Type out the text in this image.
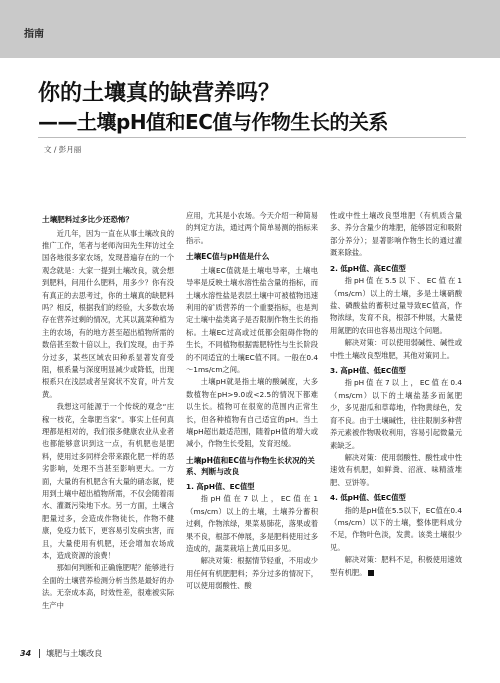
指南
你的土壤真的缺营养吗？
——土壤pH值和EC值与作物生长的关系
文 / 彭月丽
土壤肥料过多比少还恐怖？

近几年，因为一直在从事土壤改良的推广工作，笔者与老师沟田先生拜访过全国各地很多家农场，发现普遍存在的一个观念就是：大家一提到土壤改良，就会想到肥料，问用什么肥料，用多少？你有没有真正的去思考过，你的土壤真的缺肥料吗？相反，根据我们的经验，大多数农场存在营养过剩的情况，尤其以蔬菜种植为主的农场，有的地方甚至超出植物所需的数倍甚至数十倍以上，我们发现，由于养分过多，某些区域农田种系显著发育受阻，根系量与深度明显减少或降低，出现根系只在浅层或者呈窝状不发育，叶片发黄。

我想这可能源于一个传统的观念“庄稼一枝花，全靠肥当家”。事实上任何真理都是相对的，我们很多健康农业从业者也都能够意识到这一点，有机肥也是肥料，使用过多同样会带来跟化肥一样的恶劣影响，处理不当甚至影响更大。一方面，大量的有机肥含有大量的硝态氮，使用到土壤中超出植物所需，不仅会随着雨水、灌溉污染地下水。另一方面，土壤含肥量过多，会造成作物徒长，作物不健康，免疫力低下，更容易引发病虫害，而且，大量使用有机肥，还会增加农场成本，造成资源的浪费！

那如何判断和正确施肥呢？能够进行全面的土壤营养检测分析当然是最好的办法。无奈成本高，时效性差，很难被实际生产中

应用，尤其是小农场。今天介绍一种简易的判定方法，通过两个简单易测的指标来指示。

土壤EC值与pH值是什么

土壤EC值就是土壤电导率，土壤电导率是反映土壤水溶性盐含量的指标，而土壤水溶性盐是表层土壤中可被植物迅速利用的矿质营养的一个重要指标，也是判定土壤中盐类离子是否限制作物生长的指标。土壤EC过高或过低都会阻碍作物的生长，不同植物根据需肥特性与生长阶段的不同适宜的土壤EC值不同。一般在0.4～1ms/cm之间。

土壤pH就是指土壤的酸碱度，大多数植物在pH>9.0或<2.5的情况下都难以生长。植物可在很宽的范围内正常生长，但各种植物有自己适宜的pH。当土壤pH超出最适范围，随着pH值的增大或减小，作物生长受阻，发育迟缓。

土壤pH值和EC值与作物生长状况的关系、判断与改良
1. 高pH值、EC值型

指pH值在7以上，EC值在1（ms/cm）以上的土壤，土壤养分蓄积过剩，作物浓绿，果菜易肺花，落果或着果不良，根部不伸展，多是肥料使用过多造成的，蔬菜栽培上黄瓜田多见。

解决对策：根据情节轻重，不用或少用任何有机肥肥料；养分过多的情况下，可以使用弱酸性、酸

性或中性土壤改良型堆肥（有机质含量多、养分含量少的堆肥，能够固定和吸附部分养分）；显著影响作物生长的通过灌溉来除盐。

2. 低pH值、高EC值型

指pH值在5.5以下、EC值在1（ms/cm）以上的土壤，多是土壤硝酸盐、磷酸盐的蓄积过量导致EC值高，作物浓绿，发育不良，根部不伸展，大量使用氮肥的农田也容易出现这个问题。

解决对策：可以使用弱碱性、碱性或中性土壤改良型堆肥，其他对策同上。

3. 高pH值、低EC值型

指pH值在7以上，EC值在0.4（ms/cm）以下的土壤盐基多而氮肥少，多见甜瓜和草莓地，作物黄绿色，发育不良。由于土壤碱性，往往限制多种营养元素被作物吸收利用，容易引起微量元素缺乏。

解决对策：使用弱酸性、酸性或中性速效有机肥，如鲜粪、沼液、味精渣堆肥、豆饼等。

4. 低pH值、低EC值型

指的是pH值在5.5以下，EC值在0.4（ms/cm）以下的土壤，整体肥料成分不足，作物叶色淡，发黄。该类土壤很少见。

解决对策：肥料不足，积极使用速效型有机肥。

34 壤肥与土壤改良
